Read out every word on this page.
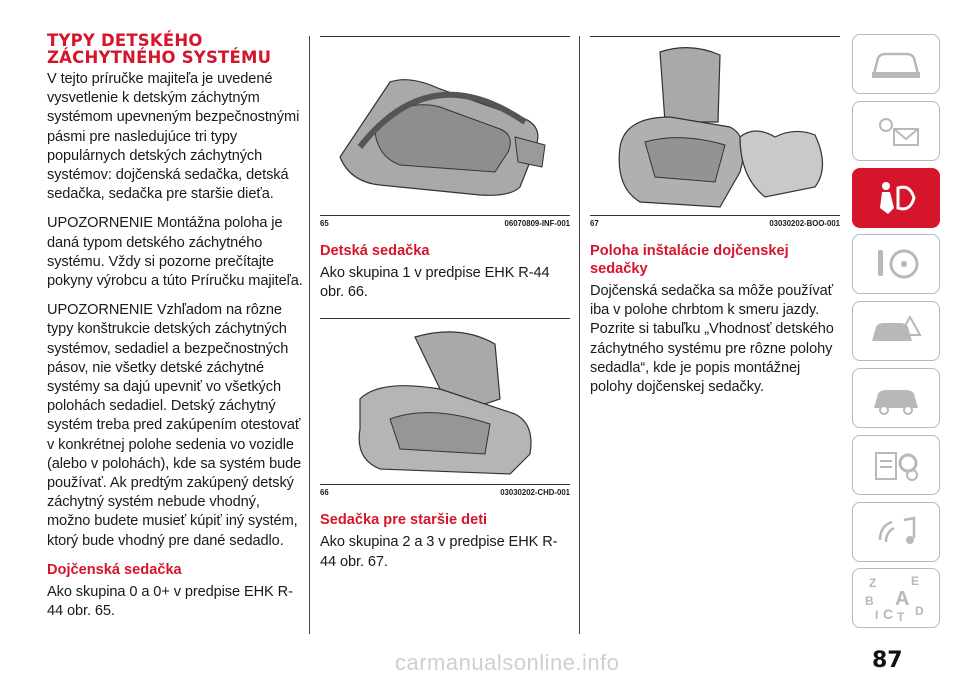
TYPY DETSKÉHO
ZÁCHYTNÉHO SYSTÉMU

V tejto príručke majiteľa je uvedené vysvetlenie k detským záchytným systémom upevneným bezpečnostnými pásmi pre nasledujúce tri typy populárnych detských záchytných systémov: dojčenská sedačka, detská sedačka, sedačka pre staršie dieťa.

UPOZORNENIE Montážna poloha je daná typom detského záchytného systému. Vždy si pozorne prečítajte pokyny výrobcu a túto Príručku majiteľa.

UPOZORNENIE Vzhľadom na rôzne typy konštrukcie detských záchytných systémov, sedadiel a bezpečnostných pásov, nie všetky detské záchytné systémy sa dajú upevniť vo všetkých polohách sedadiel. Detský záchytný systém treba pred zakúpením otestovať v konkrétnej polohe sedenia vo vozidle (alebo v polohách), kde sa systém bude používať. Ak predtým zakúpený detský záchytný systém nebude vhodný, možno budete musieť kúpiť iný systém, ktorý bude vhodný pre dané sedadlo.

Dojčenská sedačka

Ako skupina 0 a 0+ v predpise EHK R-44 obr. 65.

65	06070809-INF-001
Detská sedačka

Ako skupina 1 v predpise EHK R-44 obr. 66.

66	03030202-CHD-001
Sedačka pre staršie deti

Ako skupina 2 a 3 v predpise EHK R-44 obr. 67.

67	03030202-BOO-001
Poloha inštalácie dojčenskej sedačky

Dojčenská sedačka sa môže používať iba v polohe chrbtom k smeru jazdy. Pozrite si tabuľku „Vhodnosť detského záchytného systému pre rôzne polohy sedadla“, kde je popis montážnej polohy dojčenskej sedačky.

Z	E
B A
I C T D
87
carmanualsonline.info
